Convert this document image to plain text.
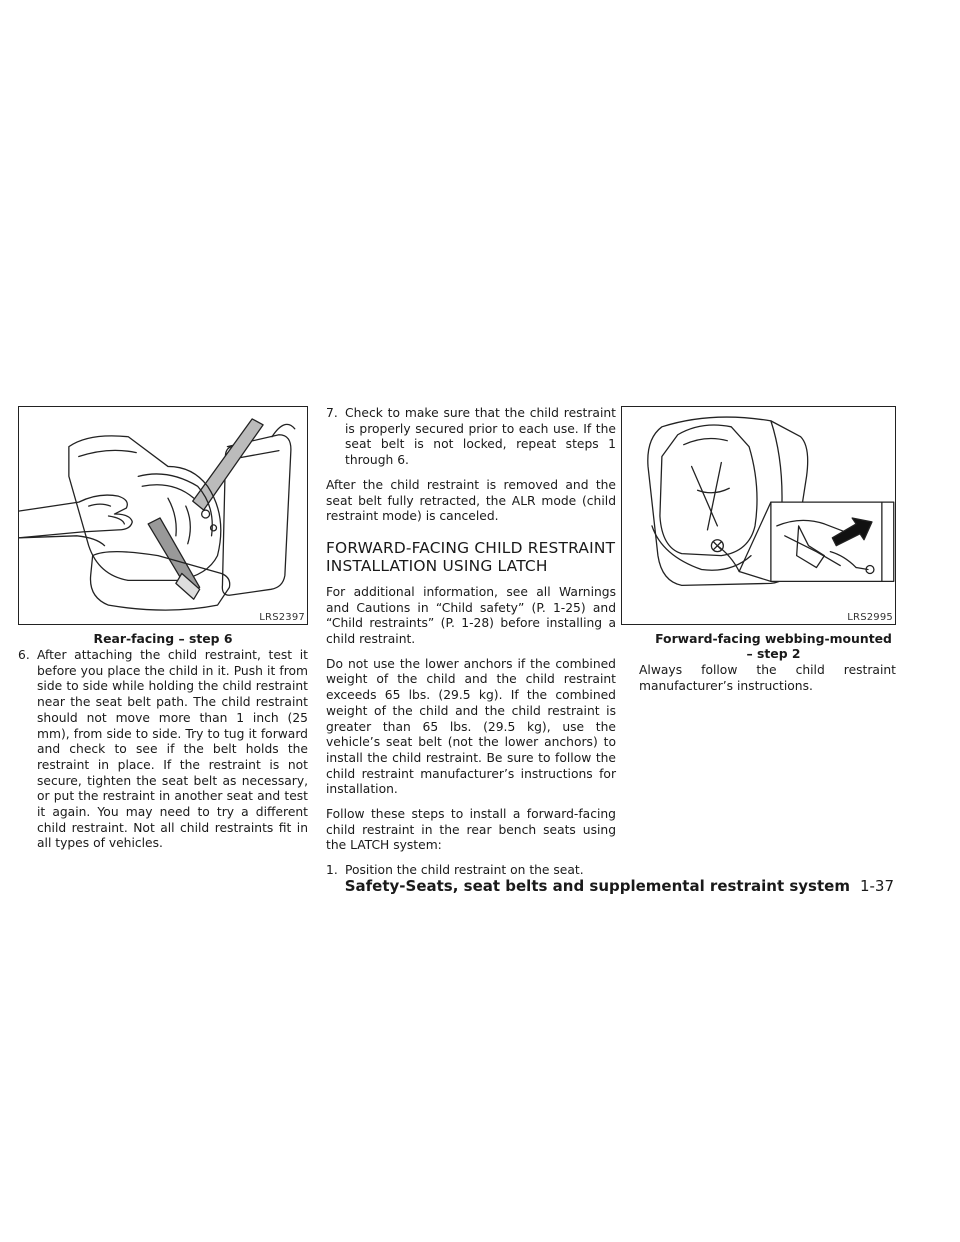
LRS2397
Rear-facing – step 6
6. After attaching the child restraint, test it before you place the child in it. Push it from side to side while holding the child restraint near the seat belt path. The child restraint should not move more than 1 inch (25 mm), from side to side. Try to tug it forward and check to see if the belt holds the restraint in place. If the restraint is not secure, tighten the seat belt as necessary, or put the restraint in another seat and test it again. You may need to try a different child restraint. Not all child restraints fit in all types of vehicles.
7. Check to make sure that the child restraint is properly secured prior to each use. If the seat belt is not locked, repeat steps 1 through 6.

After the child restraint is removed and the seat belt fully retracted, the ALR mode (child restraint mode) is canceled.

FORWARD-FACING CHILD RESTRAINT INSTALLATION USING LATCH

For additional information, see all Warnings and Cautions in “Child safety” (P. 1-25) and “Child restraints” (P. 1-28) before installing a child restraint.

Do not use the lower anchors if the combined weight of the child and the child restraint exceeds 65 lbs. (29.5 kg). If the combined weight of the child and the child restraint is greater than 65 lbs. (29.5 kg), use the vehicle’s seat belt (not the lower anchors) to install the child restraint. Be sure to follow the child restraint manufacturer’s instructions for installation.

Follow these steps to install a forward-facing child restraint in the rear bench seats using the LATCH system:

1. Position the child restraint on the seat.
LRS2995
Forward-facing webbing-mounted – step 2

Always follow the child restraint manufacturer’s instructions.

Safety-Seats, seat belts and supplemental restraint system 1-37
